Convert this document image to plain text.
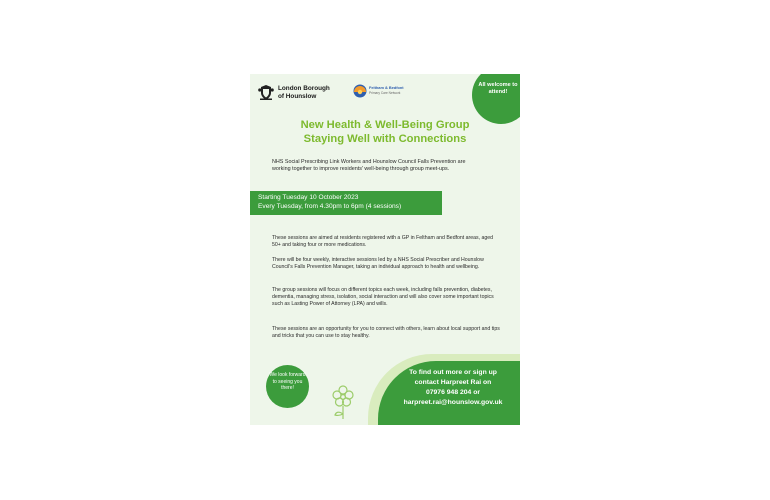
London Borough
of Hounslow
Feltham & Bedfont
Primary Care Network
All welcome to attend!
New Health & Well-Being Group
Staying Well with Connections
NHS Social Prescribing Link Workers and Hounslow Council Falls Prevention are working together to improve residents' well-being through group meet-ups.
Starting Tuesday 10 October 2023
Every Tuesday, from 4.30pm to 6pm (4 sessions)

These sessions are aimed at residents registered with a GP in Feltham and Bedfont areas, aged 50+ and taking four or more medications.

There will be four weekly, interactive sessions led by a NHS Social Prescriber and Hounslow Council's Falls Prevention Manager, taking an individual approach to health and wellbeing.

The group sessions will focus on different topics each week, including falls prevention, diabetes, dementia, managing stress, isolation, social interaction and will also cover some important topics such as Lasting Power of Attorney (LPA) and wills.

These sessions are an opportunity for you to connect with others, learn about local support and tips and tricks that you can use to stay healthy.

We look forward to seeing you there!
To find out more or sign up
contact Harpreet Rai on
07976 948 204 or
harpreet.rai@hounslow.gov.uk
